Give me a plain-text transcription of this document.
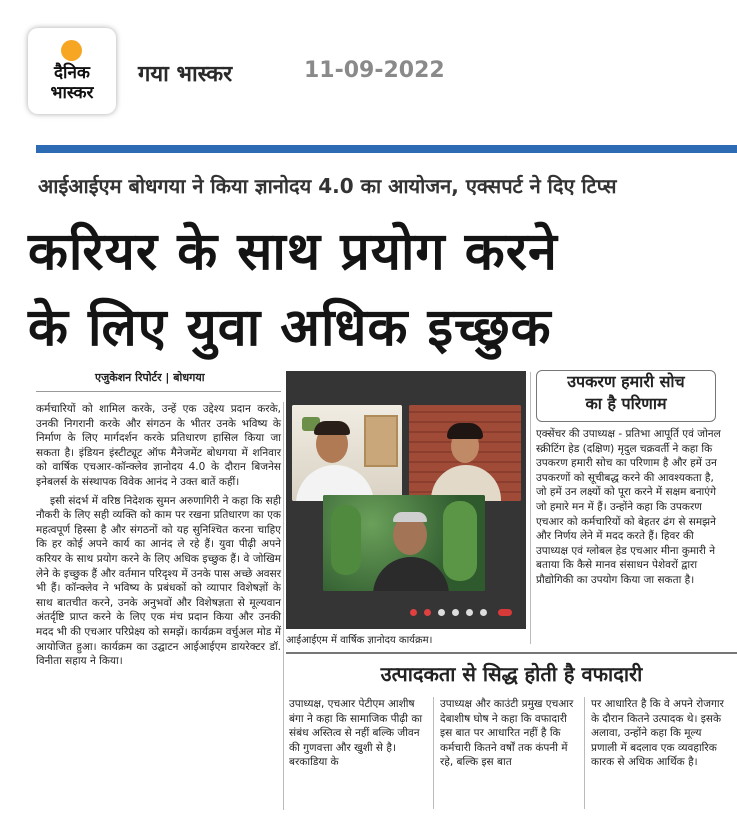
दैनिक
भास्कर
गया भास्कर	11-09-2022
आईआईएम बोधगया ने किया ज्ञानोदय 4.0 का आयोजन, एक्सपर्ट ने दिए टिप्स
करियर के साथ प्रयोग करने
के लिए युवा अधिक इच्छुक
एजुकेशन रिपोर्टर | बोधगया

कर्मचारियों को शामिल करके, उन्हें एक उद्देश्य प्रदान करके, उनकी निगरानी करके और संगठन के भीतर उनके भविष्य के निर्माण के लिए मार्गदर्शन करके प्रतिधारण हासिल किया जा सकता है। इंडियन इंस्टीट्यूट ऑफ मैनेजमेंट बोधगया में शनिवार को वार्षिक एचआर-कॉन्क्लेव ज्ञानोदय 4.0 के दौरान बिजनेस इनेबलर्स के संस्थापक विवेक आनंद ने उक्त बातें कहीं।

इसी संदर्भ में वरिष्ठ निदेशक सुमन अरुणागिरी ने कहा कि सही नौकरी के लिए सही व्यक्ति को काम पर रखना प्रतिधारण का एक महत्वपूर्ण हिस्सा है और संगठनों को यह सुनिश्चित करना चाहिए कि हर कोई अपने कार्य का आनंद ले रहे हैं। युवा पीढ़ी अपने करियर के साथ प्रयोग करने के लिए अधिक इच्छुक हैं। वे जोखिम लेने के इच्छुक हैं और वर्तमान परिदृश्य में उनके पास अच्छे अवसर भी हैं। कॉन्क्लेव ने भविष्य के प्रबंधकों को व्यापार विशेषज्ञों के साथ बातचीत करने, उनके अनुभवों और विशेषज्ञता से मूल्यवान अंतर्दृष्टि प्राप्त करने के लिए एक मंच प्रदान किया और उनकी मदद भी की एचआर परिप्रेक्ष्य को समझें। कार्यक्रम वर्चुअल मोड में आयोजित हुआ। कार्यक्रम का उद्घाटन आईआईएम डायरेक्टर डॉ. विनीता सहाय ने किया।

आईआईएम में वार्षिक ज्ञानोदय कार्यक्रम।
उपकरण हमारी सोच
का है परिणाम
एक्सेंचर की उपाध्यक्ष - प्रतिभा आपूर्ति एवं जोनल स्क्रीटिंग हेड (दक्षिण) मृदुल चक्रवर्ती ने कहा कि उपकरण हमारी सोच का परिणाम है और हमें उन उपकरणों को सूचीबद्ध करने की आवश्यकता है, जो हमें उन लक्ष्यों को पूरा करने में सक्षम बनाएंगे जो हमारे मन में हैं। उन्होंने कहा कि उपकरण एचआर को कर्मचारियों को बेहतर ढंग से समझने और निर्णय लेने में मदद करते हैं। हिवर की उपाध्यक्ष एवं ग्लोबल हेड एचआर मीना कुमारी ने बताया कि कैसे मानव संसाधन पेशेवरों द्वारा प्रौद्योगिकी का उपयोग किया जा सकता है।
उत्पादकता से सिद्ध होती है वफादारी
उपाध्यक्ष, एचआर पेटीएम आशीष बंगा ने कहा कि सामाजिक पीढ़ी का संबंध अस्तित्व से नहीं बल्कि जीवन की गुणवत्ता और खुशी से है। बरकाडिया के
उपाध्यक्ष और काउंटी प्रमुख एचआर देबाशीष घोष ने कहा कि वफादारी इस बात पर आधारित नहीं है कि कर्मचारी कितने वर्षों तक कंपनी में रहे, बल्कि इस बात
पर आधारित है कि वे अपने रोजगार के दौरान कितने उत्पादक थे। इसके अलावा, उन्होंने कहा कि मूल्य प्रणाली में बदलाव एक व्यवहारिक कारक से अधिक आर्थिक है।
